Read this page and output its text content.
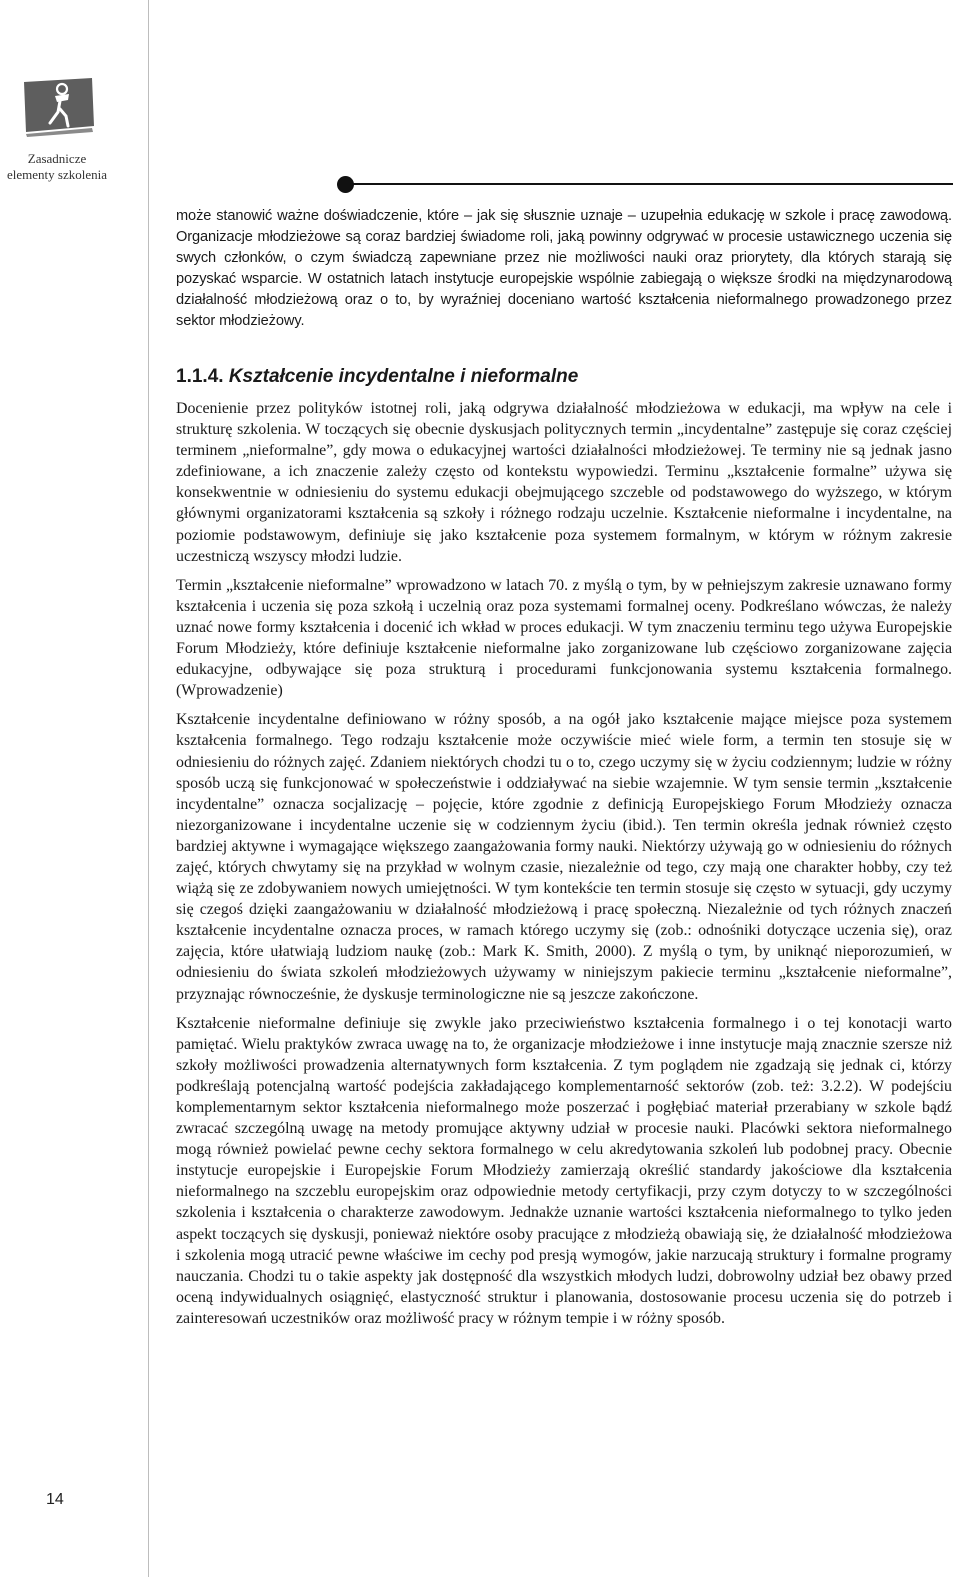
Zasadnicze
elementy szkolenia

może stanowić ważne doświadczenie, które – jak się słusznie uznaje – uzupełnia edukację w szkole i pracę zawodową. Organizacje młodzieżowe są coraz bardziej świadome roli, jaką powinny odgrywać w procesie ustawicznego uczenia się swych członków, o czym świadczą zapewniane przez nie możliwości nauki oraz priorytety, dla których starają się pozyskać wsparcie. W ostatnich latach instytucje europejskie wspólnie zabiegają o większe środki na międzynarodową działalność młodzieżową oraz o to, by wyraźniej doceniano wartość kształcenia nieformalnego prowadzonego przez sektor młodzieżowy.

1.1.4. Kształcenie incydentalne i nieformalne

Docenienie przez polityków istotnej roli, jaką odgrywa działalność młodzieżowa w edukacji, ma wpływ na cele i strukturę szkolenia. W toczących się obecnie dyskusjach politycznych termin „incydentalne” zastępuje się coraz częściej terminem „nieformalne”, gdy mowa o edukacyjnej wartości działalności młodzieżowej. Te terminy nie są jednak jasno zdefiniowane, a ich znaczenie zależy często od kontekstu wypowiedzi. Terminu „kształcenie formalne” używa się konsekwentnie w odniesieniu do systemu edukacji obejmującego szczeble od podstawowego do wyższego, w którym głównymi organizatorami kształcenia są szkoły i różnego rodzaju uczelnie. Kształcenie nieformalne i incydentalne, na poziomie podstawowym, definiuje się jako kształcenie poza systemem formalnym, w którym w różnym zakresie uczestniczą wszyscy młodzi ludzie.

Termin „kształcenie nieformalne” wprowadzono w latach 70. z myślą o tym, by w pełniejszym zakresie uznawano formy kształcenia i uczenia się poza szkołą i uczelnią oraz poza systemami formalnej oceny. Podkreślano wówczas, że należy uznać nowe formy kształcenia i docenić ich wkład w proces edukacji. W tym znaczeniu terminu tego używa Europejskie Forum Młodzieży, które definiuje kształcenie nieformalne jako zorganizowane lub częściowo zorganizowane zajęcia edukacyjne, odbywające się poza strukturą i procedurami funkcjonowania systemu kształcenia formalnego. (Wprowadzenie)

Kształcenie incydentalne definiowano w różny sposób, a na ogół jako kształcenie mające miejsce poza systemem kształcenia formalnego. Tego rodzaju kształcenie może oczywiście mieć wiele form, a termin ten stosuje się w odniesieniu do różnych zajęć. Zdaniem niektórych chodzi tu o to, czego uczymy się w życiu codziennym; ludzie w różny sposób uczą się funkcjonować w społeczeństwie i oddziaływać na siebie wzajemnie. W tym sensie termin „kształcenie incydentalne” oznacza socjalizację – pojęcie, które zgodnie z definicją Europejskiego Forum Młodzieży oznacza niezorganizowane i incydentalne uczenie się w codziennym życiu (ibid.). Ten termin określa jednak również często bardziej aktywne i wymagające większego zaangażowania formy nauki. Niektórzy używają go w odniesieniu do różnych zajęć, których chwytamy się na przykład w wolnym czasie, niezależnie od tego, czy mają one charakter hobby, czy też wiążą się ze zdobywaniem nowych umiejętności. W tym kontekście ten termin stosuje się często w sytuacji, gdy uczymy się czegoś dzięki zaangażowaniu w działalność młodzieżową i pracę społeczną. Niezależnie od tych różnych znaczeń kształcenie incydentalne oznacza proces, w ramach którego uczymy się (zob.: odnośniki dotyczące uczenia się), oraz zajęcia, które ułatwiają ludziom naukę (zob.: Mark K. Smith, 2000). Z myślą o tym, by uniknąć nieporozumień, w odniesieniu do świata szkoleń młodzieżowych używamy w niniejszym pakiecie terminu „kształcenie nieformalne”, przyznając równocześnie, że dyskusje terminologiczne nie są jeszcze zakończone.

Kształcenie nieformalne definiuje się zwykle jako przeciwieństwo kształcenia formalnego i o tej konotacji warto pamiętać. Wielu praktyków zwraca uwagę na to, że organizacje młodzieżowe i inne instytucje mają znacznie szersze niż szkoły możliwości prowadzenia alternatywnych form kształcenia. Z tym poglądem nie zgadzają się jednak ci, którzy podkreślają potencjalną wartość podejścia zakładającego komplementarność sektorów (zob. też: 3.2.2). W podejściu komplementarnym sektor kształcenia nieformalnego może poszerzać i pogłębiać materiał przerabiany w szkole bądź zwracać szczególną uwagę na metody promujące aktywny udział w procesie nauki. Placówki sektora nieformalnego mogą również powielać pewne cechy sektora formalnego w celu akredytowania szkoleń lub podobnej pracy. Obecnie instytucje europejskie i Europejskie Forum Młodzieży zamierzają określić standardy jakościowe dla kształcenia nieformalnego na szczeblu europejskim oraz odpowiednie metody certyfikacji, przy czym dotyczy to w szczególności szkolenia i kształcenia o charakterze zawodowym. Jednakże uznanie wartości kształcenia nieformalnego to tylko jeden aspekt toczących się dyskusji, ponieważ niektóre osoby pracujące z młodzieżą obawiają się, że działalność młodzieżowa i szkolenia mogą utracić pewne właściwe im cechy pod presją wymogów, jakie narzucają struktury i formalne programy nauczania. Chodzi tu o takie aspekty jak dostępność dla wszystkich młodych ludzi, dobrowolny udział bez obawy przed oceną indywidualnych osiągnięć, elastyczność struktur i planowania, dostosowanie procesu uczenia się do potrzeb i zainteresowań uczestników oraz możliwość pracy w różnym tempie i w różny sposób.

14
